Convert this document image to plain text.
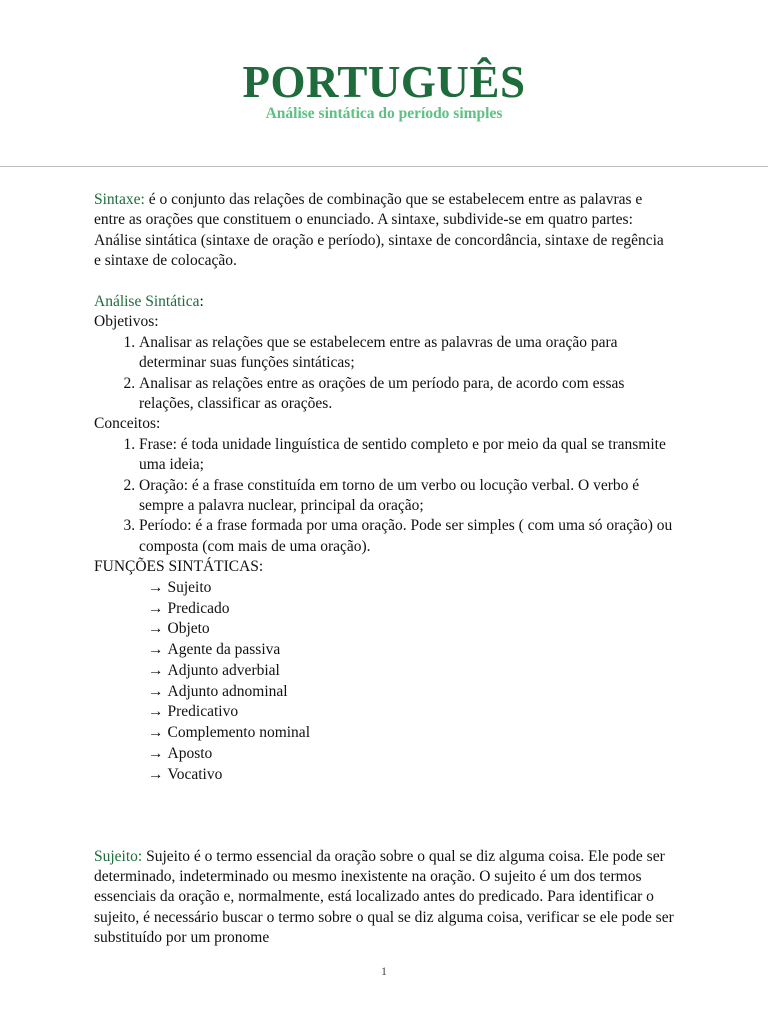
PORTUGUÊS
Análise sintática do período simples

Sintaxe: é o conjunto das relações de combinação que se estabelecem entre as palavras e entre as orações que constituem o enunciado. A sintaxe, subdivide-se em quatro partes: Análise sintática (sintaxe de oração e período), sintaxe de concordância, sintaxe de regência e sintaxe de colocação.

Análise Sintática:

Objetivos:

1. Analisar as relações que se estabelecem entre as palavras de uma oração para determinar suas funções sintáticas;
2. Analisar as relações entre as orações de um período para, de acordo com essas relações, classificar as orações.

Conceitos:

1. Frase: é toda unidade linguística de sentido completo e por meio da qual se transmite uma ideia;
2. Oração: é a frase constituída em torno de um verbo ou locução verbal. O verbo é sempre a palavra nuclear, principal da oração;
3. Período: é a frase formada por uma oração. Pode ser simples ( com uma só oração) ou composta (com mais de uma oração).

FUNÇÕES SINTÁTICAS:

→ Sujeito
→ Predicado
→ Objeto
→ Agente da passiva
→ Adjunto adverbial
→ Adjunto adnominal
→ Predicativo
→ Complemento nominal
→ Aposto
→ Vocativo

Sujeito: Sujeito é o termo essencial da oração sobre o qual se diz alguma coisa. Ele pode ser determinado, indeterminado ou mesmo inexistente na oração. O sujeito é um dos termos essenciais da oração e, normalmente, está localizado antes do predicado. Para identificar o sujeito, é necessário buscar o termo sobre o qual se diz alguma coisa, verificar se ele pode ser substituído por um pronome

1
